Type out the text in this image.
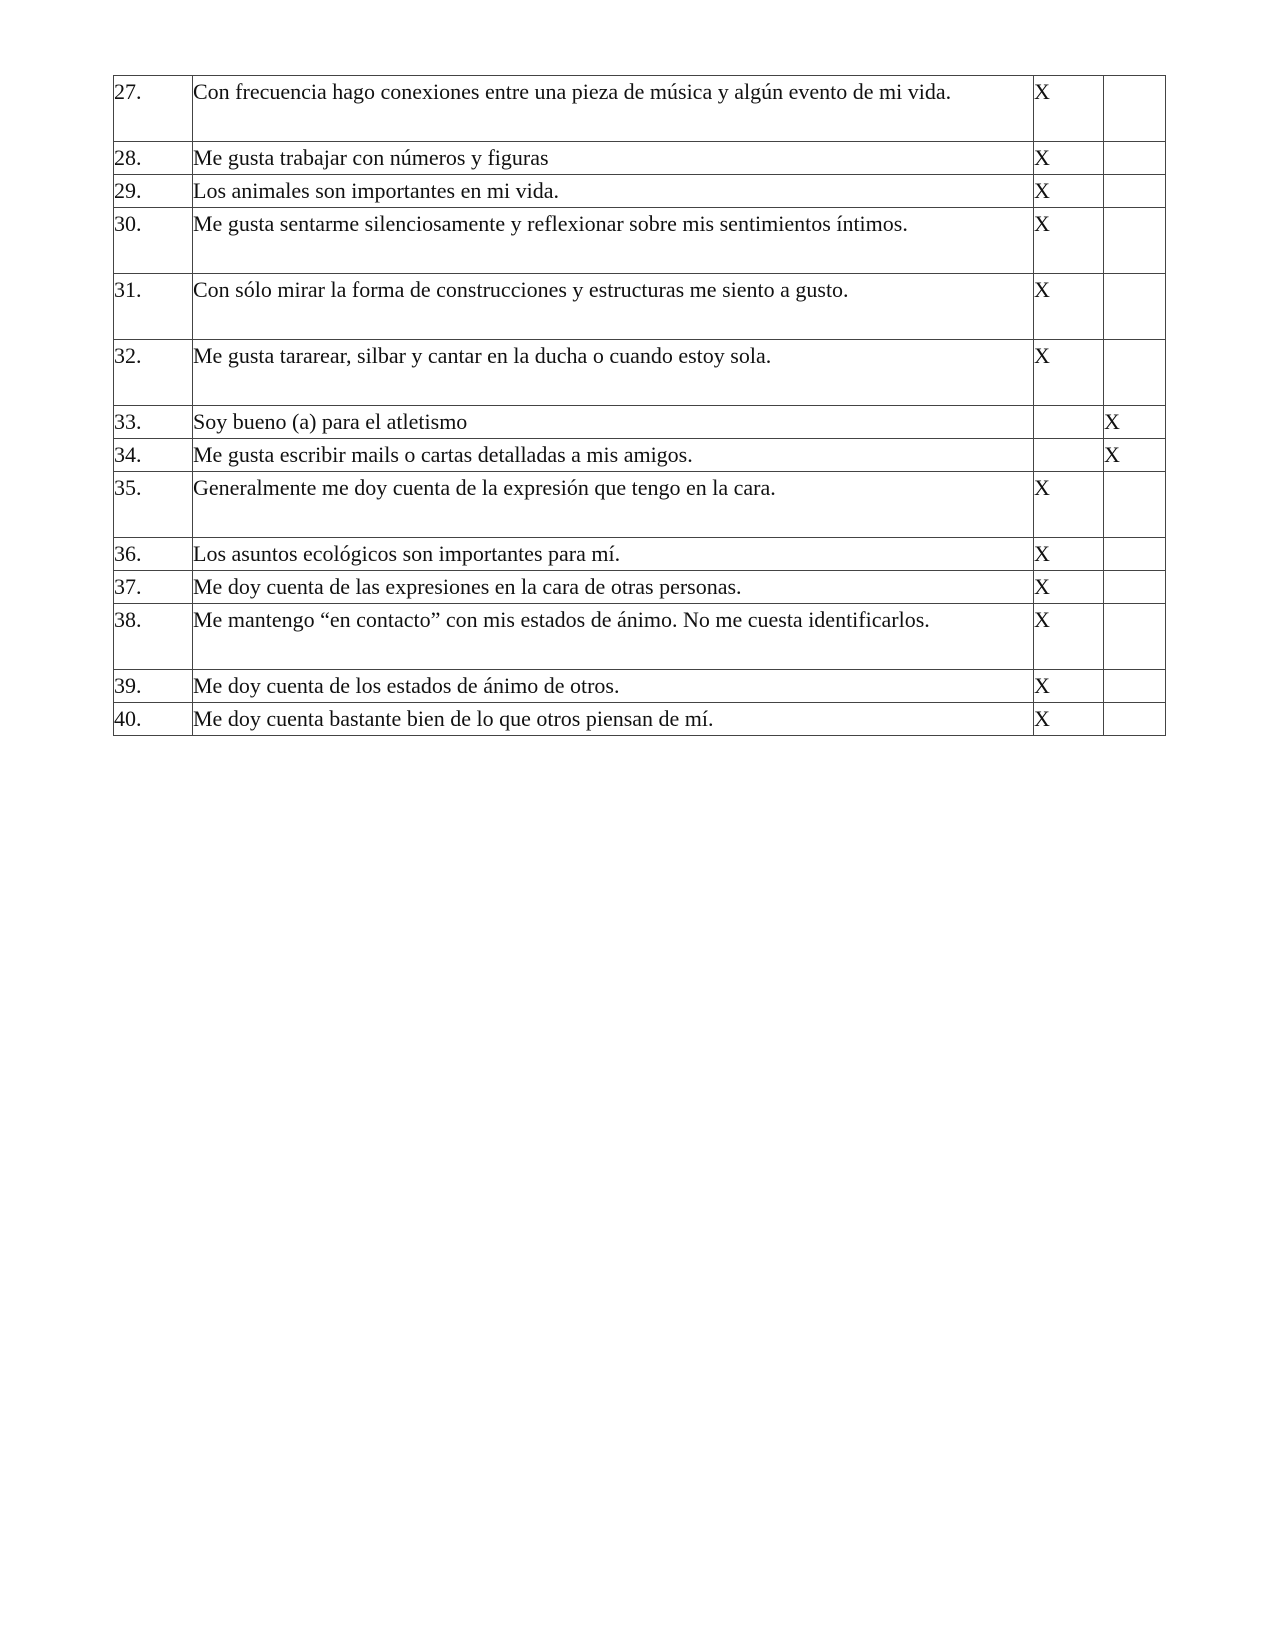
27.	Con frecuencia hago conexiones entre una pieza de música y algún evento de mi vida.	X	
28.	Me gusta trabajar con números y figuras	X	
29.	Los animales son importantes en mi vida.	X	
30.	Me gusta sentarme silenciosamente y reflexionar sobre mis sentimientos íntimos.	X	
31.	Con sólo mirar la forma de construcciones y estructuras me siento a gusto.	X	
32.	Me gusta tararear, silbar y cantar en la ducha o cuando estoy sola.	X	
33.	Soy bueno (a) para el atletismo		X
34.	Me gusta escribir mails o cartas detalladas a mis amigos.		X
35.	Generalmente me doy cuenta de la expresión que tengo en la cara.	X	
36.	Los asuntos ecológicos son importantes para mí.	X	
37.	Me doy cuenta de las expresiones en la cara de otras personas.	X	
38.	Me mantengo “en contacto” con mis estados de ánimo. No me cuesta identificarlos.	X	
39.	Me doy cuenta de los estados de ánimo de otros.	X	
40.	Me doy cuenta bastante bien de lo que otros piensan de mí.	X	
